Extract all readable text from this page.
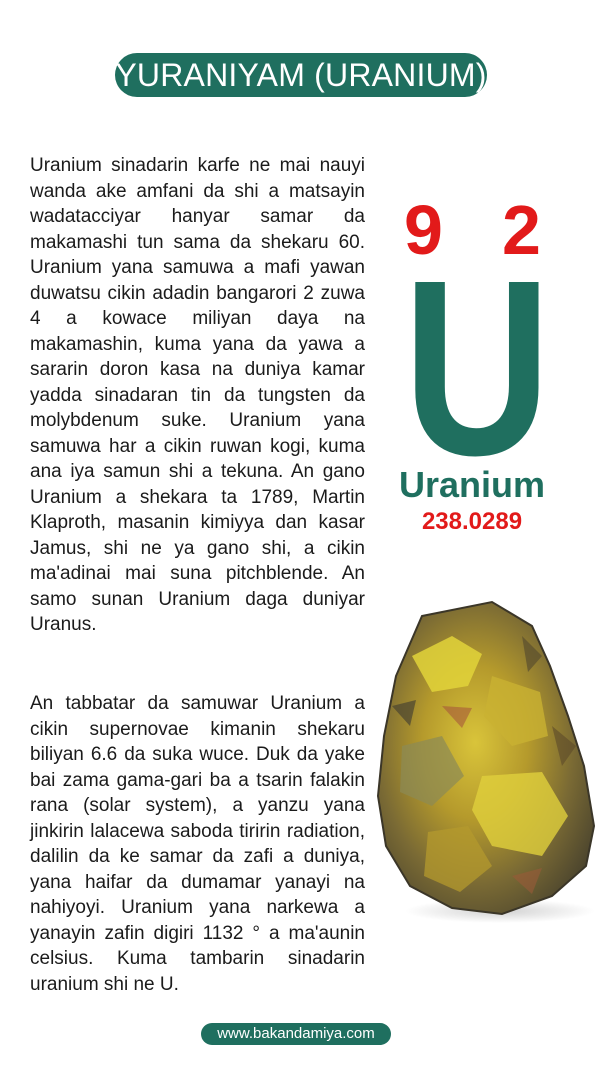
YURANIYAM (URANIUM)

Uranium sinadarin karfe ne mai nauyi wanda ake amfani da shi a matsayin wadatacciyar hanyar samar da makamashi tun sama da shekaru 60. Uranium yana samuwa a mafi yawan duwatsu cikin adadin bangarori 2 zuwa 4 a kowace miliyan daya na makamashin, kuma yana da yawa a sararin doron kasa na duniya kamar yadda sinadaran tin da tungsten da molybdenum suke. Uranium yana samuwa har a cikin ruwan kogi, kuma ana iya samun shi a tekuna. An gano Uranium a shekara ta 1789, Martin Klaproth, masanin kimiyya dan kasar Jamus, shi ne ya gano shi, a cikin ma'adinai mai suna pitchblende. An samo sunan Uranium daga duniyar Uranus.

An tabbatar da samuwar Uranium a cikin supernovae kimanin shekaru biliyan 6.6 da suka wuce. Duk da yake bai zama gama-gari ba a tsarin falakin rana (solar system), a yanzu yana jinkirin lalacewa saboda tiririn radiation, dalilin da ke samar da zafi a duniya, yana haifar da dumamar yanayi na nahiyoyi. Uranium yana narkewa a yanayin zafin digiri 1132 ° a ma'aunin celsius. Kuma tambarin sinadarin uranium shi ne U.

9 2
U
Uranium
238.0289
www.bakandamiya.com
